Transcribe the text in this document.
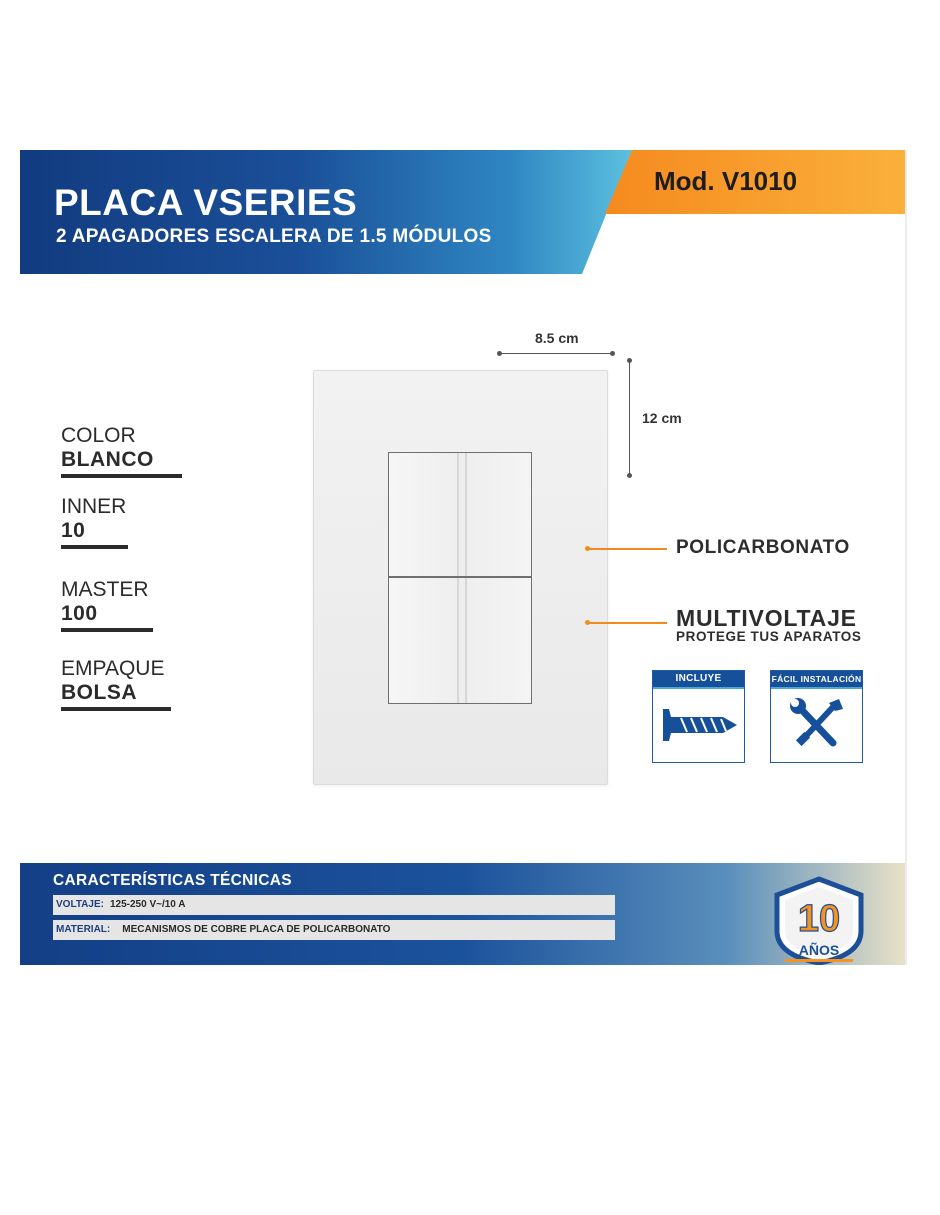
PLACA VSERIES
2 APAGADORES ESCALERA DE 1.5 MÓDULOS
Mod. V1010
COLOR
BLANCO
INNER
10
MASTER
100
EMPAQUE
BOLSA
8.5 cm
12 cm
POLICARBONATO
MULTIVOLTAJE
PROTEGE TUS APARATOS
INCLUYE	FÁCIL INSTALACIÓN
CARACTERÍSTICAS TÉCNICAS
VOLTAJE: 125-250 V~/10 A
MATERIAL: MECANISMOS DE COBRE PLACA DE POLICARBONATO	10
AÑOS
